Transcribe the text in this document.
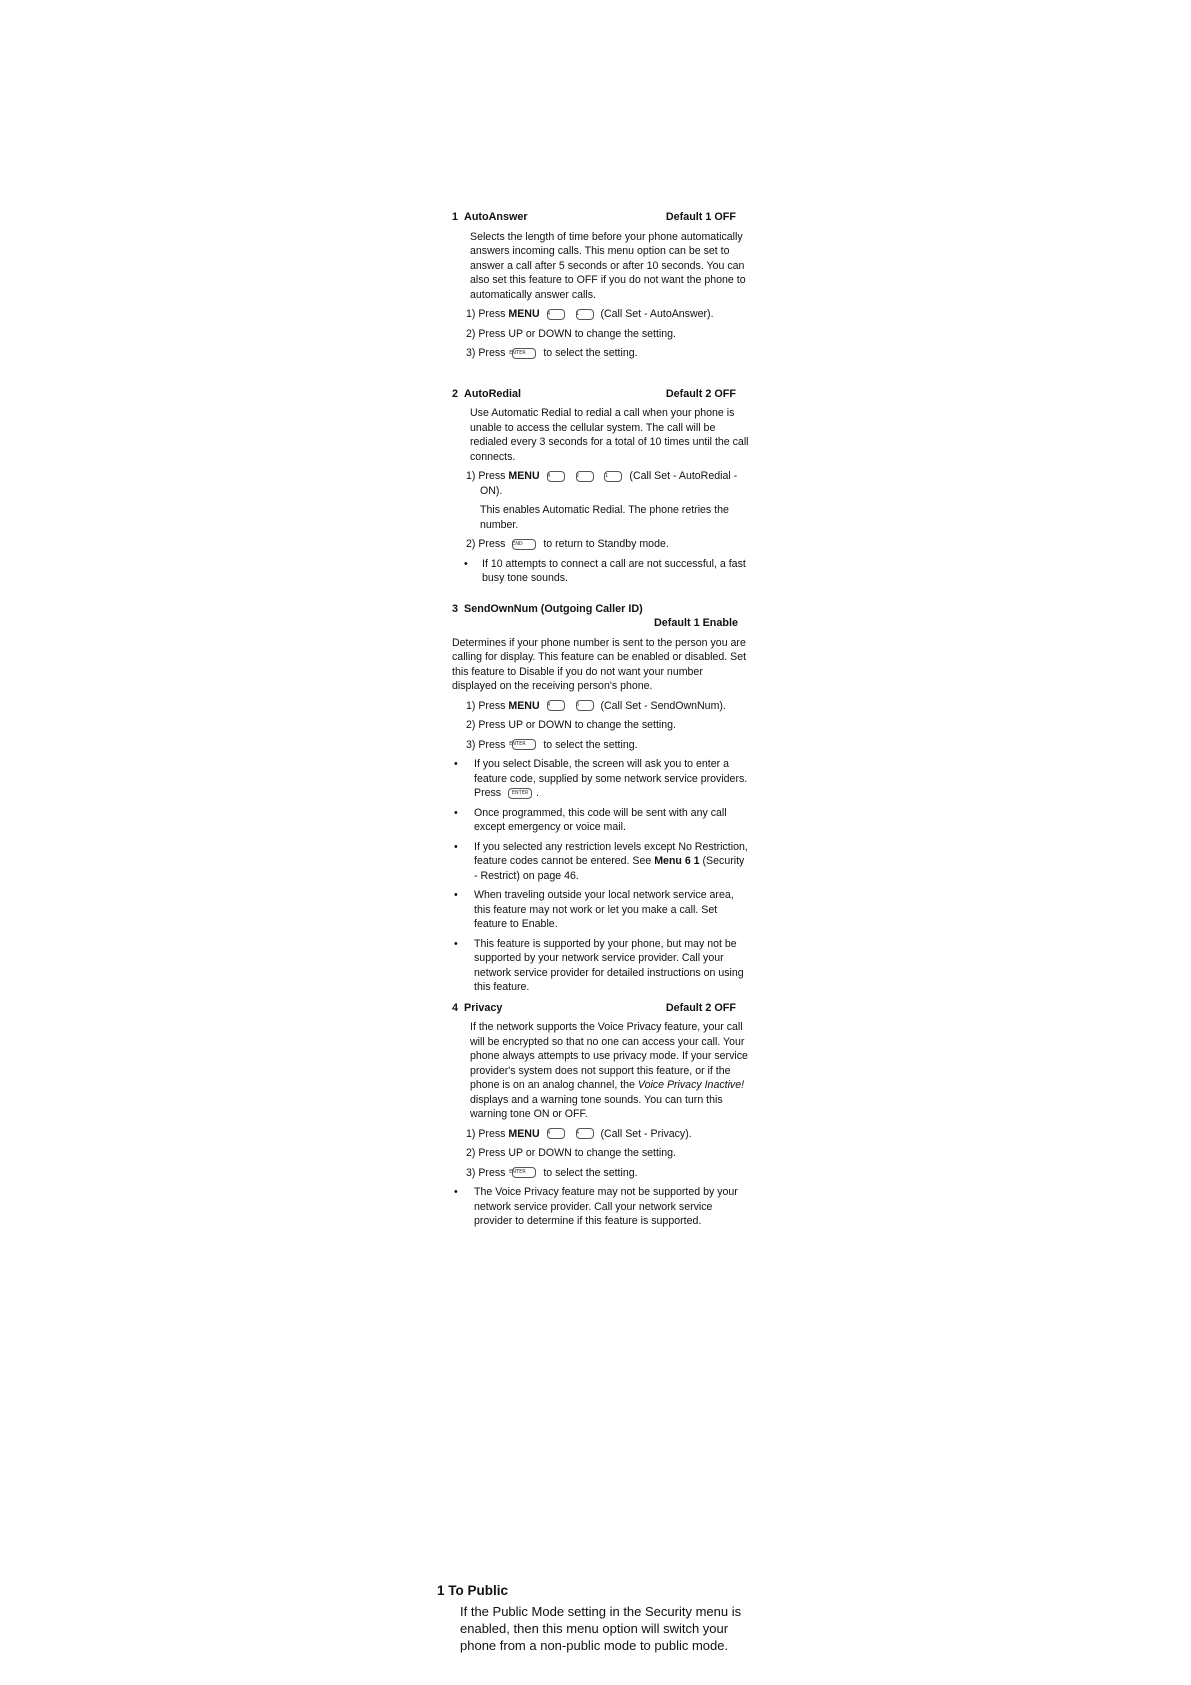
1 AutoAnswer	Default 1 OFF

Selects the length of time before your phone automatically answers incoming calls. This menu option can be set to answer a call after 5 seconds or after 10 seconds. You can also set this feature to OFF if you do not want the phone to automatically answer calls.

1) Press MENU 4	1 (Call Set - AutoAnswer).

2) Press UP or DOWN to change the setting.

3) Press ENTER to select the setting.

2 AutoRedial	Default 2 OFF

Use Automatic Redial to redial a call when your phone is unable to access the cellular system. The call will be redialed every 3 seconds for a total of 10 times until the call connects.

1) Press MENU 4	2	1 (Call Set - AutoRedial - ON).
This enables Automatic Redial. The phone retries the number.

2) Press END to return to Standby mode.

• If 10 attempts to connect a call are not successful, a fast busy tone sounds.

3 SendOwnNum (Outgoing Caller ID)
Default 1 Enable

Determines if your phone number is sent to the person you are calling for display. This feature can be enabled or disabled. Set this feature to Disable if you do not want your number displayed on the receiving person's phone.

1) Press MENU 4	3 (Call Set - SendOwnNum).

2) Press UP or DOWN to change the setting.

3) Press ENTER to select the setting.

• If you select Disable, the screen will ask you to enter a feature code, supplied by some network service providers. Press ENTER .

• Once programmed, this code will be sent with any call except emergency or voice mail.

• If you selected any restriction levels except No Restriction, feature codes cannot be entered. See Menu 6 1 (Security - Restrict) on page 46.

• When traveling outside your local network service area, this feature may not work or let you make a call. Set feature to Enable.

• This feature is supported by your phone, but may not be supported by your network service provider. Call your network service provider for detailed instructions on using this feature.

4 Privacy	Default 2 OFF

If the network supports the Voice Privacy feature, your call will be encrypted so that no one can access your call. Your phone always attempts to use privacy mode. If your service provider's system does not support this feature, or if the phone is on an analog channel, the Voice Privacy Inactive! displays and a warning tone sounds. You can turn this warning tone ON or OFF.

1) Press MENU 4	4 (Call Set - Privacy).

2) Press UP or DOWN to change the setting.

3) Press ENTER to select the setting.

• The Voice Privacy feature may not be supported by your network service provider. Call your network service provider to determine if this feature is supported.

1 To Public
If the Public Mode setting in the Security menu is enabled, then this menu option will switch your phone from a non-public mode to public mode.
